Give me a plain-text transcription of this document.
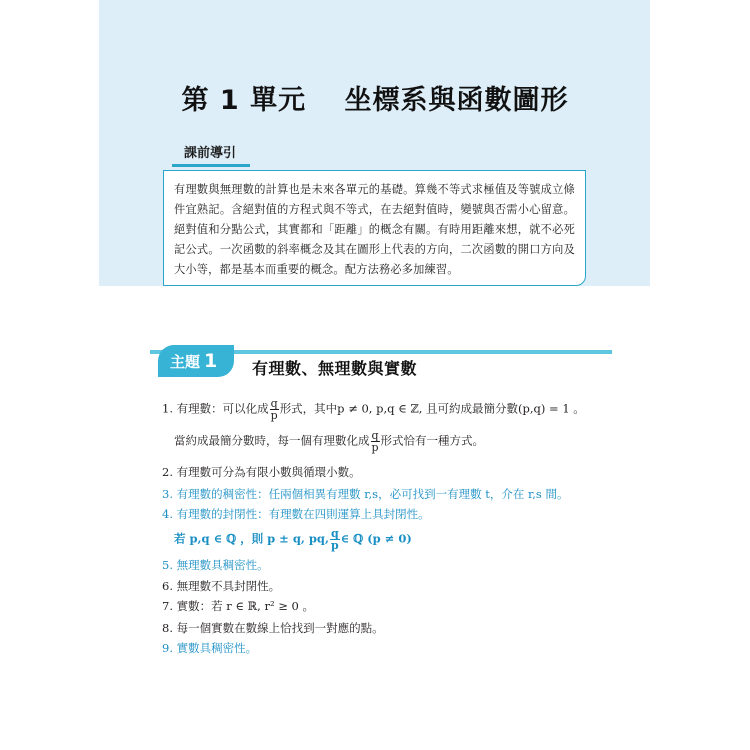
第 1 單元　 坐標系與函數圖形
課前導引
有理數與無理數的計算也是未來各單元的基礎。算幾不等式求極值及等號成立條件宜熟記。含絕對值的方程式與不等式，在去絕對值時，變號與否需小心留意。絕對值和分點公式，其實都和「距離」的概念有關。有時用距離來想，就不必死記公式。一次函數的斜率概念及其在圖形上代表的方向，二次函數的開口方向及大小等，都是基本而重要的概念。配方法務必多加練習。
主題 1	有理數、無理數與實數
1. 有理數：可以化成 $\frac{q}{p}$ 形式，其中p ≠ 0, p,q ∈ ℤ, 且可約成最簡分數(p,q) = 1 。
當約成最簡分數時，每一個有理數化成 $\frac{q}{p}$ 形式恰有一種方式。
2. 有理數可分為有限小數與循環小數。
3. 有理數的稠密性：任兩個相異有理數 r,s，必可找到一有理數 t，介在 r,s 間。
4. 有理數的封閉性：有理數在四則運算上具封閉性。
若 p,q ∈ ℚ ，則 p ± q, pq, $\frac{q}{p}$ ∈ ℚ (p ≠ 0)
5. 無理數具稠密性。
6. 無理數不具封閉性。
7. 實數：若 r ∈ ℝ, r² ≥ 0 。
8. 每一個實數在數線上恰找到一對應的點。
9. 實數具稠密性。
